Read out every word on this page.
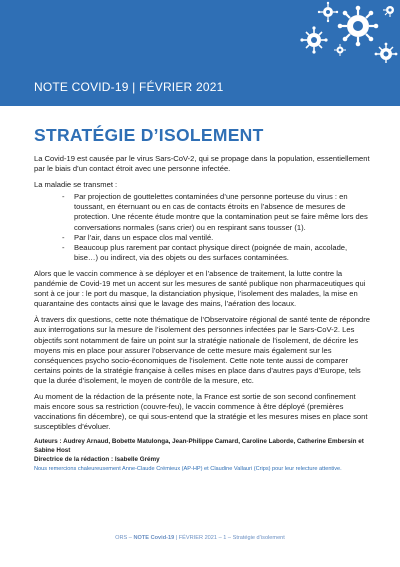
NOTE COVID-19 | FÉVRIER 2021
STRATÉGIE D’ISOLEMENT

La Covid-19 est causée par le virus Sars-CoV-2, qui se propage dans la population, essentiellement par le biais d’un contact étroit avec une personne infectée.

La maladie se transmet :

- Par projection de gouttelettes contaminées d’une personne porteuse du virus : en toussant, en éternuant ou en cas de contacts étroits en l’absence de mesures de protection. Une récente étude montre que la contamination peut se faire même lors des conversations normales (sans crier) ou en respirant sans tousser (1).
- Par l’air, dans un espace clos mal ventilé.
- Beaucoup plus rarement par contact physique direct (poignée de main, accolade, bise…) ou indirect, via des objets ou des surfaces contaminées.

Alors que le vaccin commence à se déployer et en l’absence de traitement, la lutte contre la pandémie de Covid-19 met un accent sur les mesures de santé publique non pharmaceutiques qui sont à ce jour : le port du masque, la distanciation physique, l’isolement des malades, la mise en quarantaine des contacts ainsi que le lavage des mains, l’aération des locaux.

À travers dix questions, cette note thématique de l’Observatoire régional de santé tente de répondre aux interrogations sur la mesure de l’isolement des personnes infectées par le Sars-CoV-2. Les objectifs sont notamment de faire un point sur la stratégie nationale de l’isolement, de décrire les moyens mis en place pour assurer l’observance de cette mesure mais également sur les conséquences psycho socio-économiques de l’isolement. Cette note tente aussi de comparer certains points de la stratégie française à celles mises en place dans d’autres pays d’Europe, tels que la durée d’isolement, le moyen de contrôle de la mesure, etc.

Au moment de la rédaction de la présente note, la France est sortie de son second confinement mais encore sous sa restriction (couvre-feu), le vaccin commence à être déployé (premières vaccinations fin décembre), ce qui sous-entend que la stratégie et les mesures mises en place sont susceptibles d’évoluer.

Auteurs : Audrey Arnaud, Bobette Matulonga, Jean-Philippe Camard, Caroline Laborde, Catherine Embersin et Sabine Host
Directrice de la rédaction : Isabelle Grémy
Nous remercions chaleureusement Anne-Claude Crémieux (AP-HP) et Claudine Vallauri (Crips) pour leur relecture attentive.
ORS – NOTE Covid-19 | FÉVRIER 2021 – 1 – Stratégie d’isolement
